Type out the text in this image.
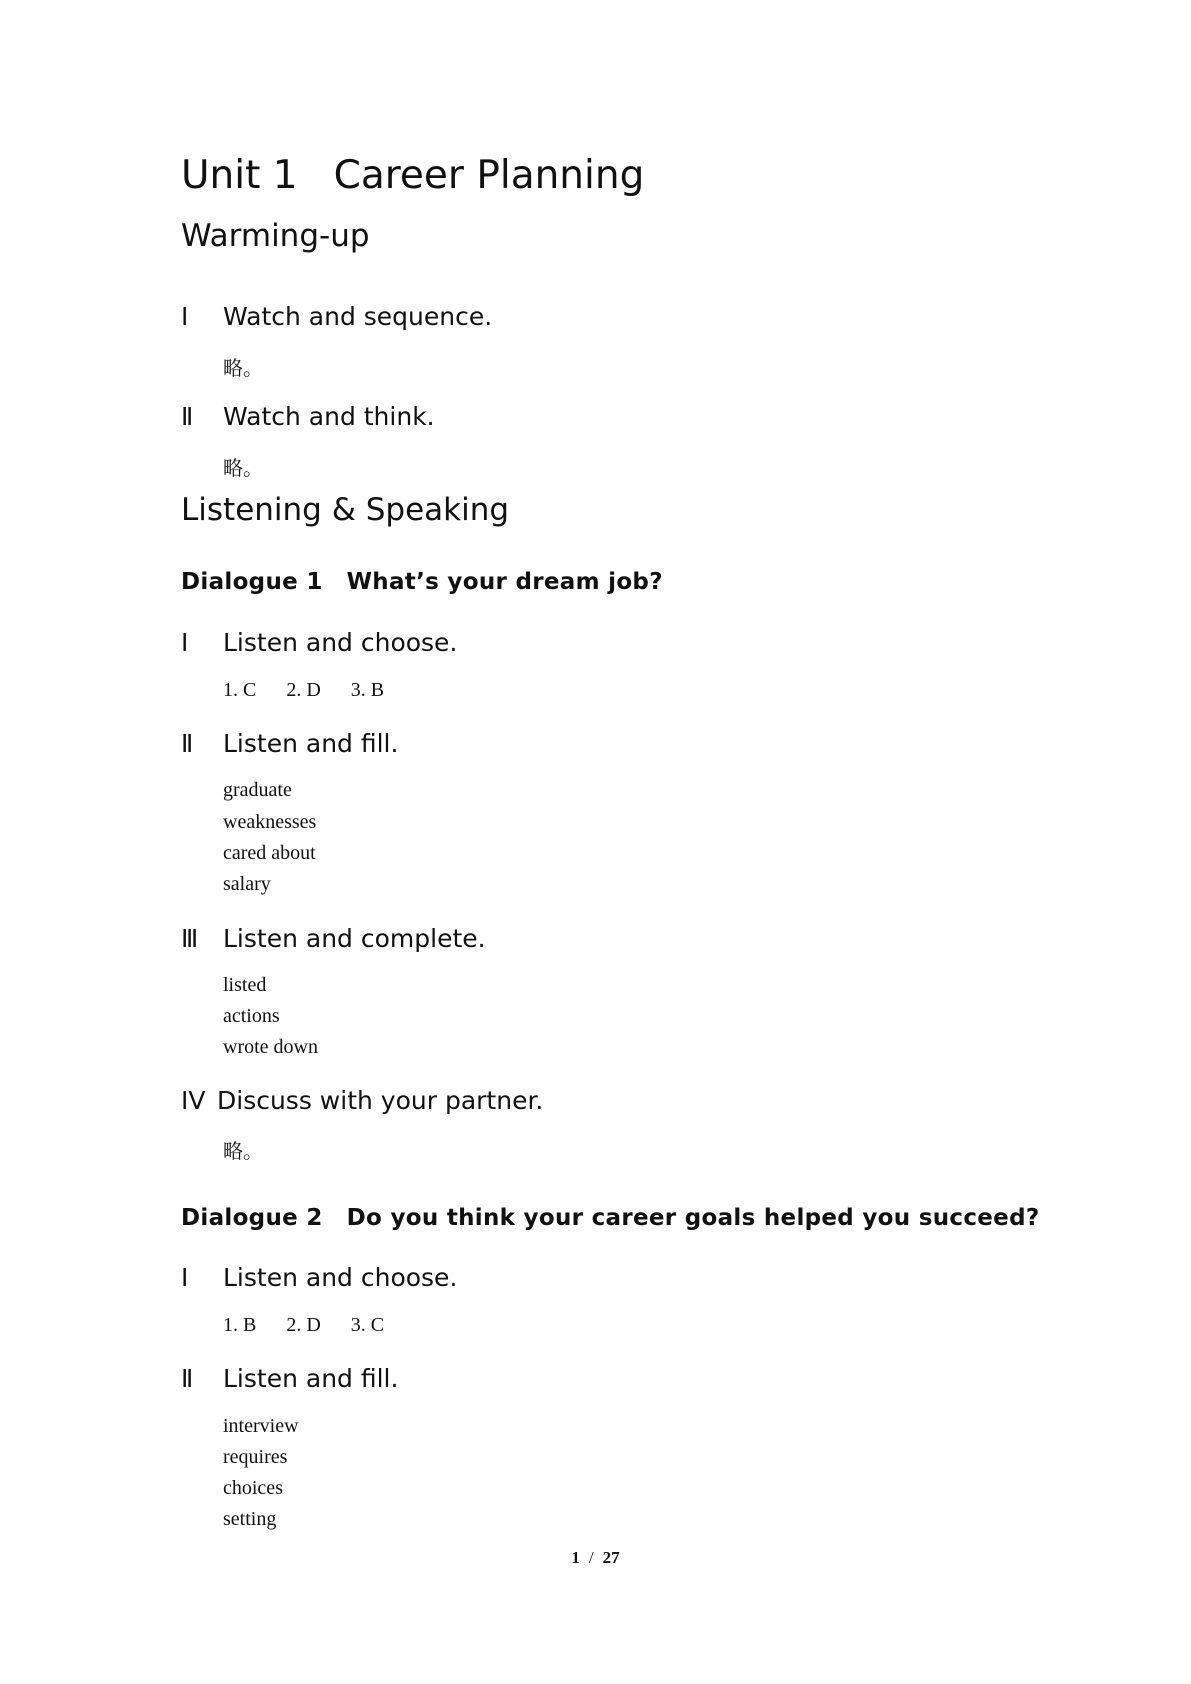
Unit 1 Career Planning
Warming-up
Ⅰ Watch and sequence.
略。
Ⅱ Watch and think.
略。
Listening & Speaking
Dialogue 1 What’s your dream job?
Ⅰ Listen and choose.
1. C 2. D 3. B
Ⅱ Listen and fill.
graduate
weaknesses
cared about
salary
Ⅲ Listen and complete.
listed
actions
wrote down
IV Discuss with your partner.
略。
Dialogue 2 Do you think your career goals helped you succeed?
Ⅰ Listen and choose.
1. B 2. D 3. C
Ⅱ Listen and fill.
interview
requires
choices
setting
1 / 27
